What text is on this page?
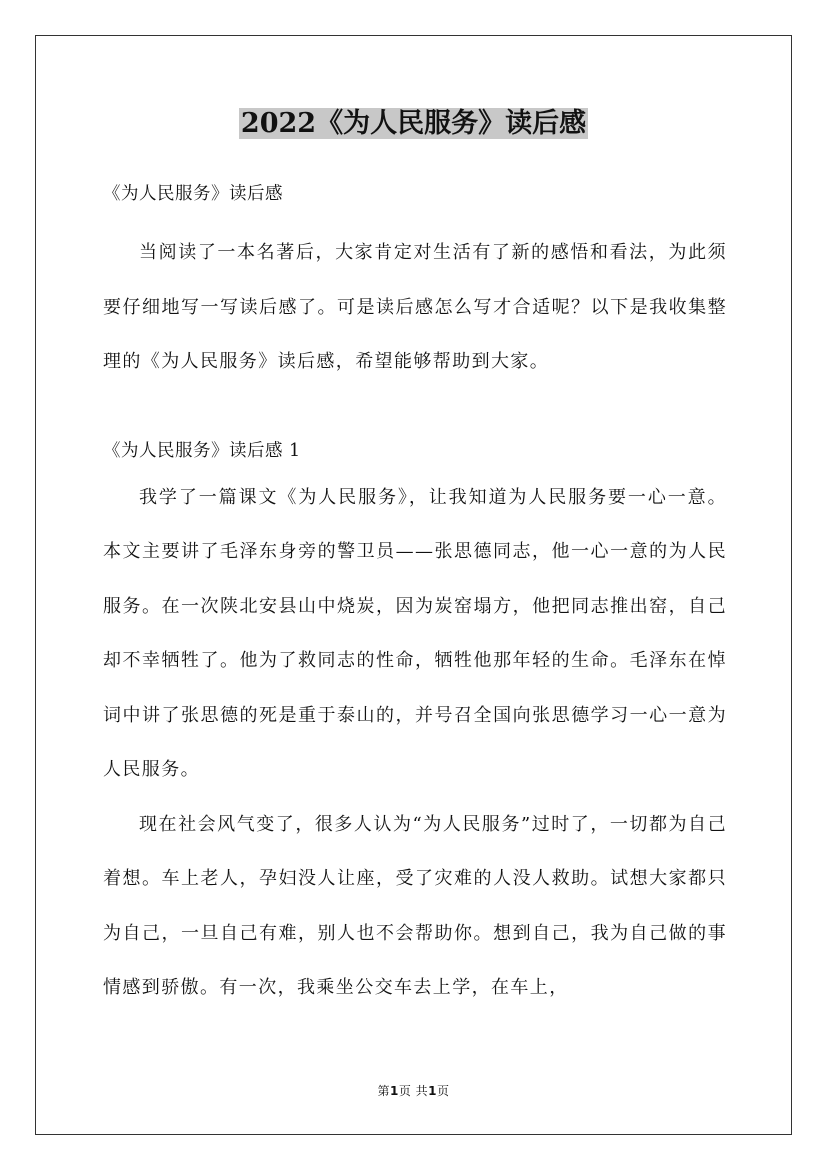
2022《为人民服务》读后感

《为人民服务》读后感

当阅读了一本名著后，大家肯定对生活有了新的感悟和看法，为此须要仔细地写一写读后感了。可是读后感怎么写才合适呢？以下是我收集整理的《为人民服务》读后感，希望能够帮助到大家。

《为人民服务》读后感 1

我学了一篇课文《为人民服务》，让我知道为人民服务要一心一意。本文主要讲了毛泽东身旁的警卫员——张思德同志，他一心一意的为人民服务。在一次陕北安县山中烧炭，因为炭窑塌方，他把同志推出窑，自己却不幸牺牲了。他为了救同志的性命，牺牲他那年轻的生命。毛泽东在悼词中讲了张思德的死是重于泰山的，并号召全国向张思德学习一心一意为人民服务。

现在社会风气变了，很多人认为“为人民服务”过时了，一切都为自己着想。车上老人，孕妇没人让座，受了灾难的人没人救助。试想大家都只为自己，一旦自己有难，别人也不会帮助你。想到自己，我为自己做的事情感到骄傲。有一次，我乘坐公交车去上学，在车上，

第1页 共1页
